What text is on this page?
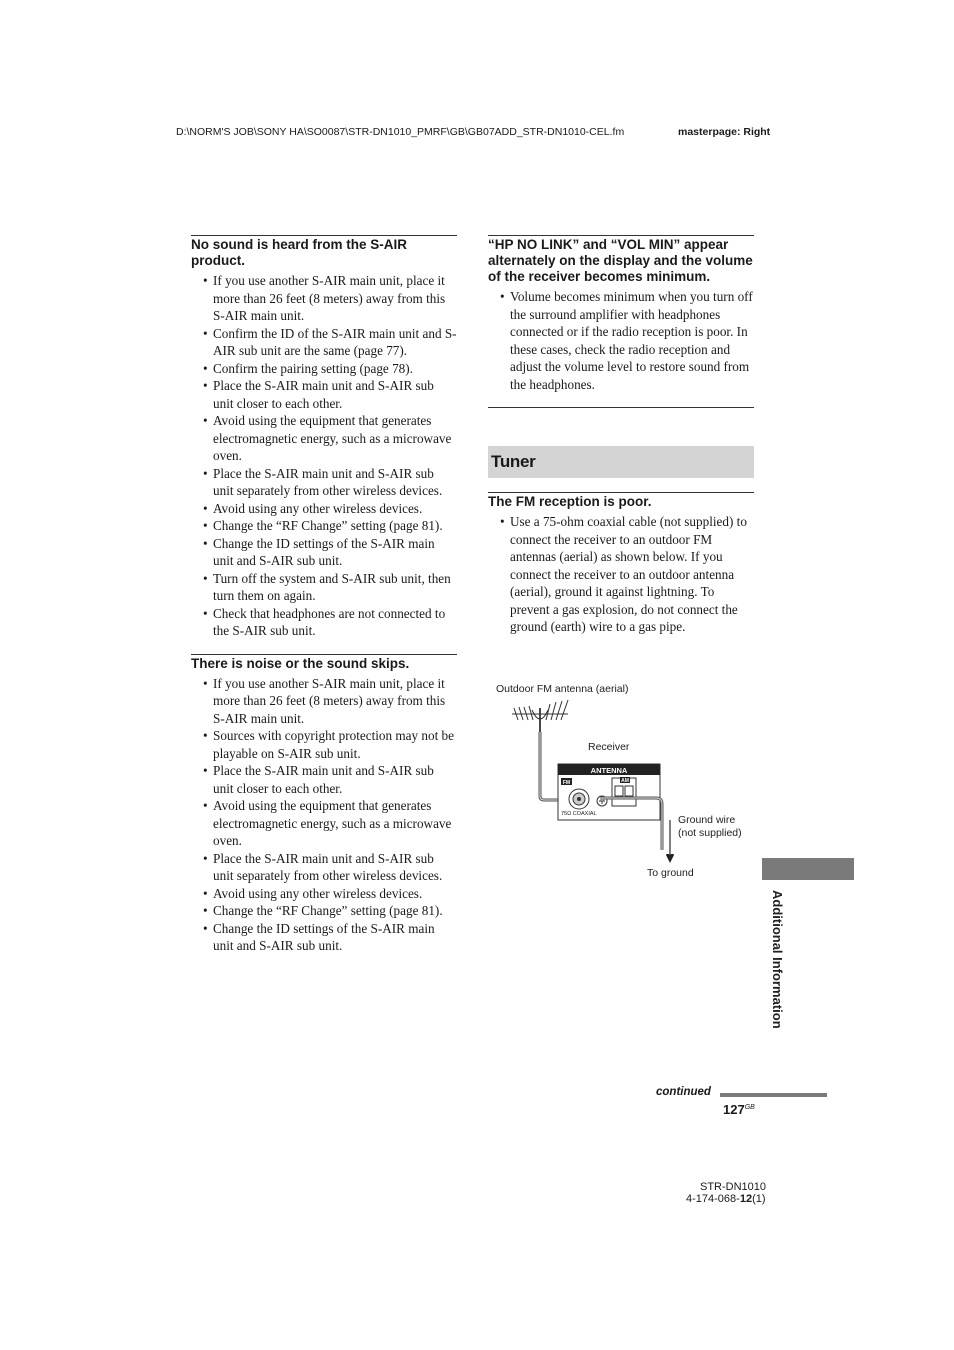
D:\NORM'S JOB\SONY HA\SO0087\STR-DN1010_PMRF\GB\GB07ADD_STR-DN1010-CEL.fm	masterpage: Right
No sound is heard from the S-AIR product.
• If you use another S-AIR main unit, place it more than 26 feet (8 meters) away from this S-AIR main unit.
• Confirm the ID of the S-AIR main unit and S-AIR sub unit are the same (page 77).
• Confirm the pairing setting (page 78).
• Place the S-AIR main unit and S-AIR sub unit closer to each other.
• Avoid using the equipment that generates electromagnetic energy, such as a microwave oven.
• Place the S-AIR main unit and S-AIR sub unit separately from other wireless devices.
• Avoid using any other wireless devices.
• Change the “RF Change” setting (page 81).
• Change the ID settings of the S-AIR main unit and S-AIR sub unit.
• Turn off the system and S-AIR sub unit, then turn them on again.
• Check that headphones are not connected to the S-AIR sub unit.
There is noise or the sound skips.
• If you use another S-AIR main unit, place it more than 26 feet (8 meters) away from this S-AIR main unit.
• Sources with copyright protection may not be playable on S-AIR sub unit.
• Place the S-AIR main unit and S-AIR sub unit closer to each other.
• Avoid using the equipment that generates electromagnetic energy, such as a microwave oven.
• Place the S-AIR main unit and S-AIR sub unit separately from other wireless devices.
• Avoid using any other wireless devices.
• Change the “RF Change” setting (page 81).
• Change the ID settings of the S-AIR main unit and S-AIR sub unit.
“HP NO LINK” and “VOL MIN” appear alternately on the display and the volume of the receiver becomes minimum.
• Volume becomes minimum when you turn off the surround amplifier with headphones connected or if the radio reception is poor. In these cases, check the radio reception and adjust the volume level to restore sound from the headphones.
Tuner
The FM reception is poor.
• Use a 75-ohm coaxial cable (not supplied) to connect the receiver to an outdoor FM antennas (aerial) as shown below. If you connect the receiver to an outdoor antenna (aerial), ground it against lightning. To prevent a gas explosion, do not connect the ground (earth) wire to a gas pipe.
Outdoor FM antenna (aerial)
Receiver
ANTENNA
FM
75Ω COAXIAL
AM
Ground wire
(not supplied)
To ground
Additional Information
continued
$127^{GB}$
STR-DN1010
4-174-068-12(1)
